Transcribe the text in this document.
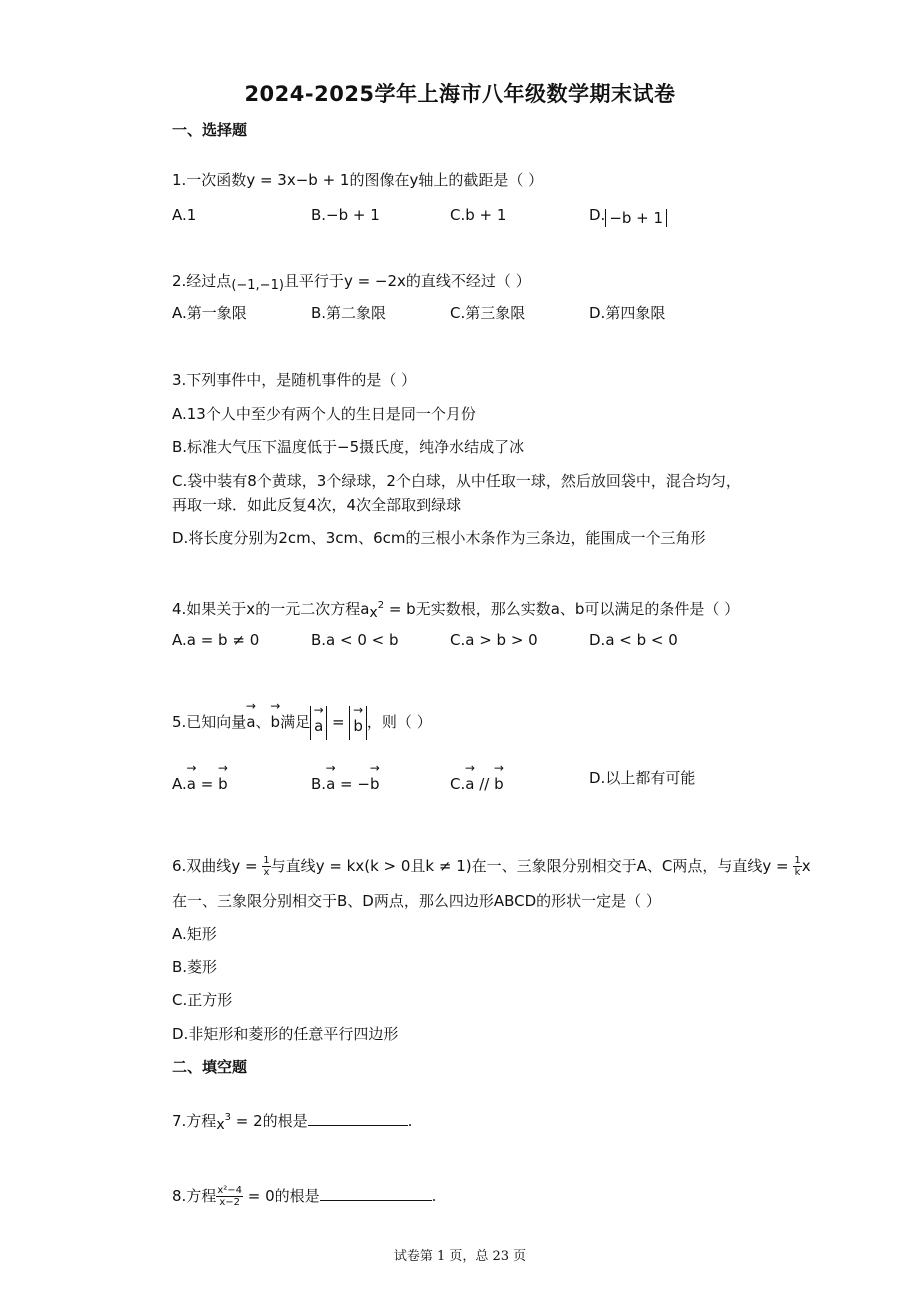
2024-2025学年上海市八年级数学期末试卷
一、选择题
1.一次函数y = 3x−b + 1的图像在y轴上的截距是（ ）
A.1	B.−b + 1	C.b + 1	D. −b + 1
2.经过点(−1,−1)且平行于y = −2x的直线不经过（ ）
A.第一象限	B.第二象限	C.第三象限	D.第四象限
3.下列事件中，是随机事件的是（ ）
A.13个人中至少有两个人的生日是同一个月份
B.标准大气压下温度低于−5摄氏度，纯净水结成了冰
C.袋中装有8个黄球，3个绿球，2个白球，从中任取一球，然后放回袋中，混合均匀，
再取一球．如此反复4次，4次全部取到绿球
D.将长度分别为2cm、3cm、6cm的三根小木条作为三条边，能围成一个三角形
4.如果关于x的一元二次方程$ax^2 = b$无实数根，那么实数a、b可以满足的条件是（ ）
A.a = b ≠ 0	B.a < 0 < b	C.a > b > 0	D.a < b < 0
5.已知向量→ a、→ b满足→ a = → b ，则（ ）
A.→ a = → b	B.→ a = −→ b	C.→ a // → b	D.以上都有可能
6.双曲线$y = \frac{1}{x}$ 与直线y = kx(k > 0且k ≠ 1)在一、三象限分别相交于A、C两点，与直线$y = \frac{1}{k}$ x
在一、三象限分别相交于B、D两点，那么四边形ABCD的形状一定是（ ）
A.矩形
B.菱形
C.正方形
D.非矩形和菱形的任意平行四边形
二、填空题
7.方程$x^3 = 2$的根是	.
8.方程 $\frac{\text{x²−4}}{x-2} = 0$的根是	.
试卷第 1 页，总 23 页
